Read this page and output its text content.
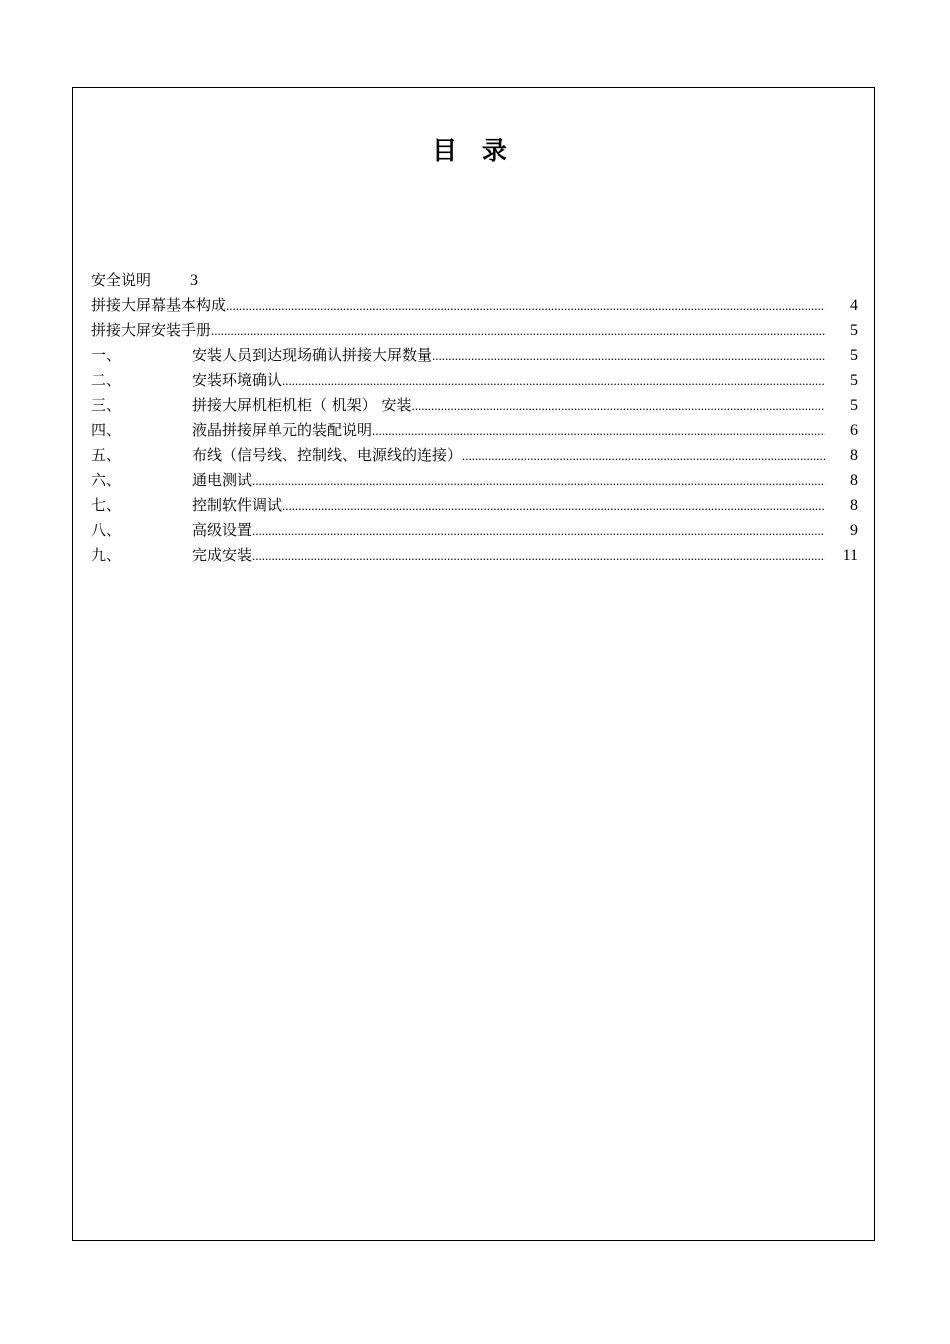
目 录
安全说明 3
拼接大屏幕基本构成 .....	4
拼接大屏安装手册 .....	5
一、	安装人员到达现场确认拼接大屏数量 .....	5
二、	安装环境确认 .....	5
三、	拼接大屏机柜机柜（ 机架） 安装 .....	5
四、	液晶拼接屏单元的装配说明 .....	6
五、	布线（信号线、控制线、电源线的连接） .....	8
六、	通电测试 .....	8
七、	控制软件调试 .....	8
八、	高级设置 .....	9
九、	完成安装 .....	11
